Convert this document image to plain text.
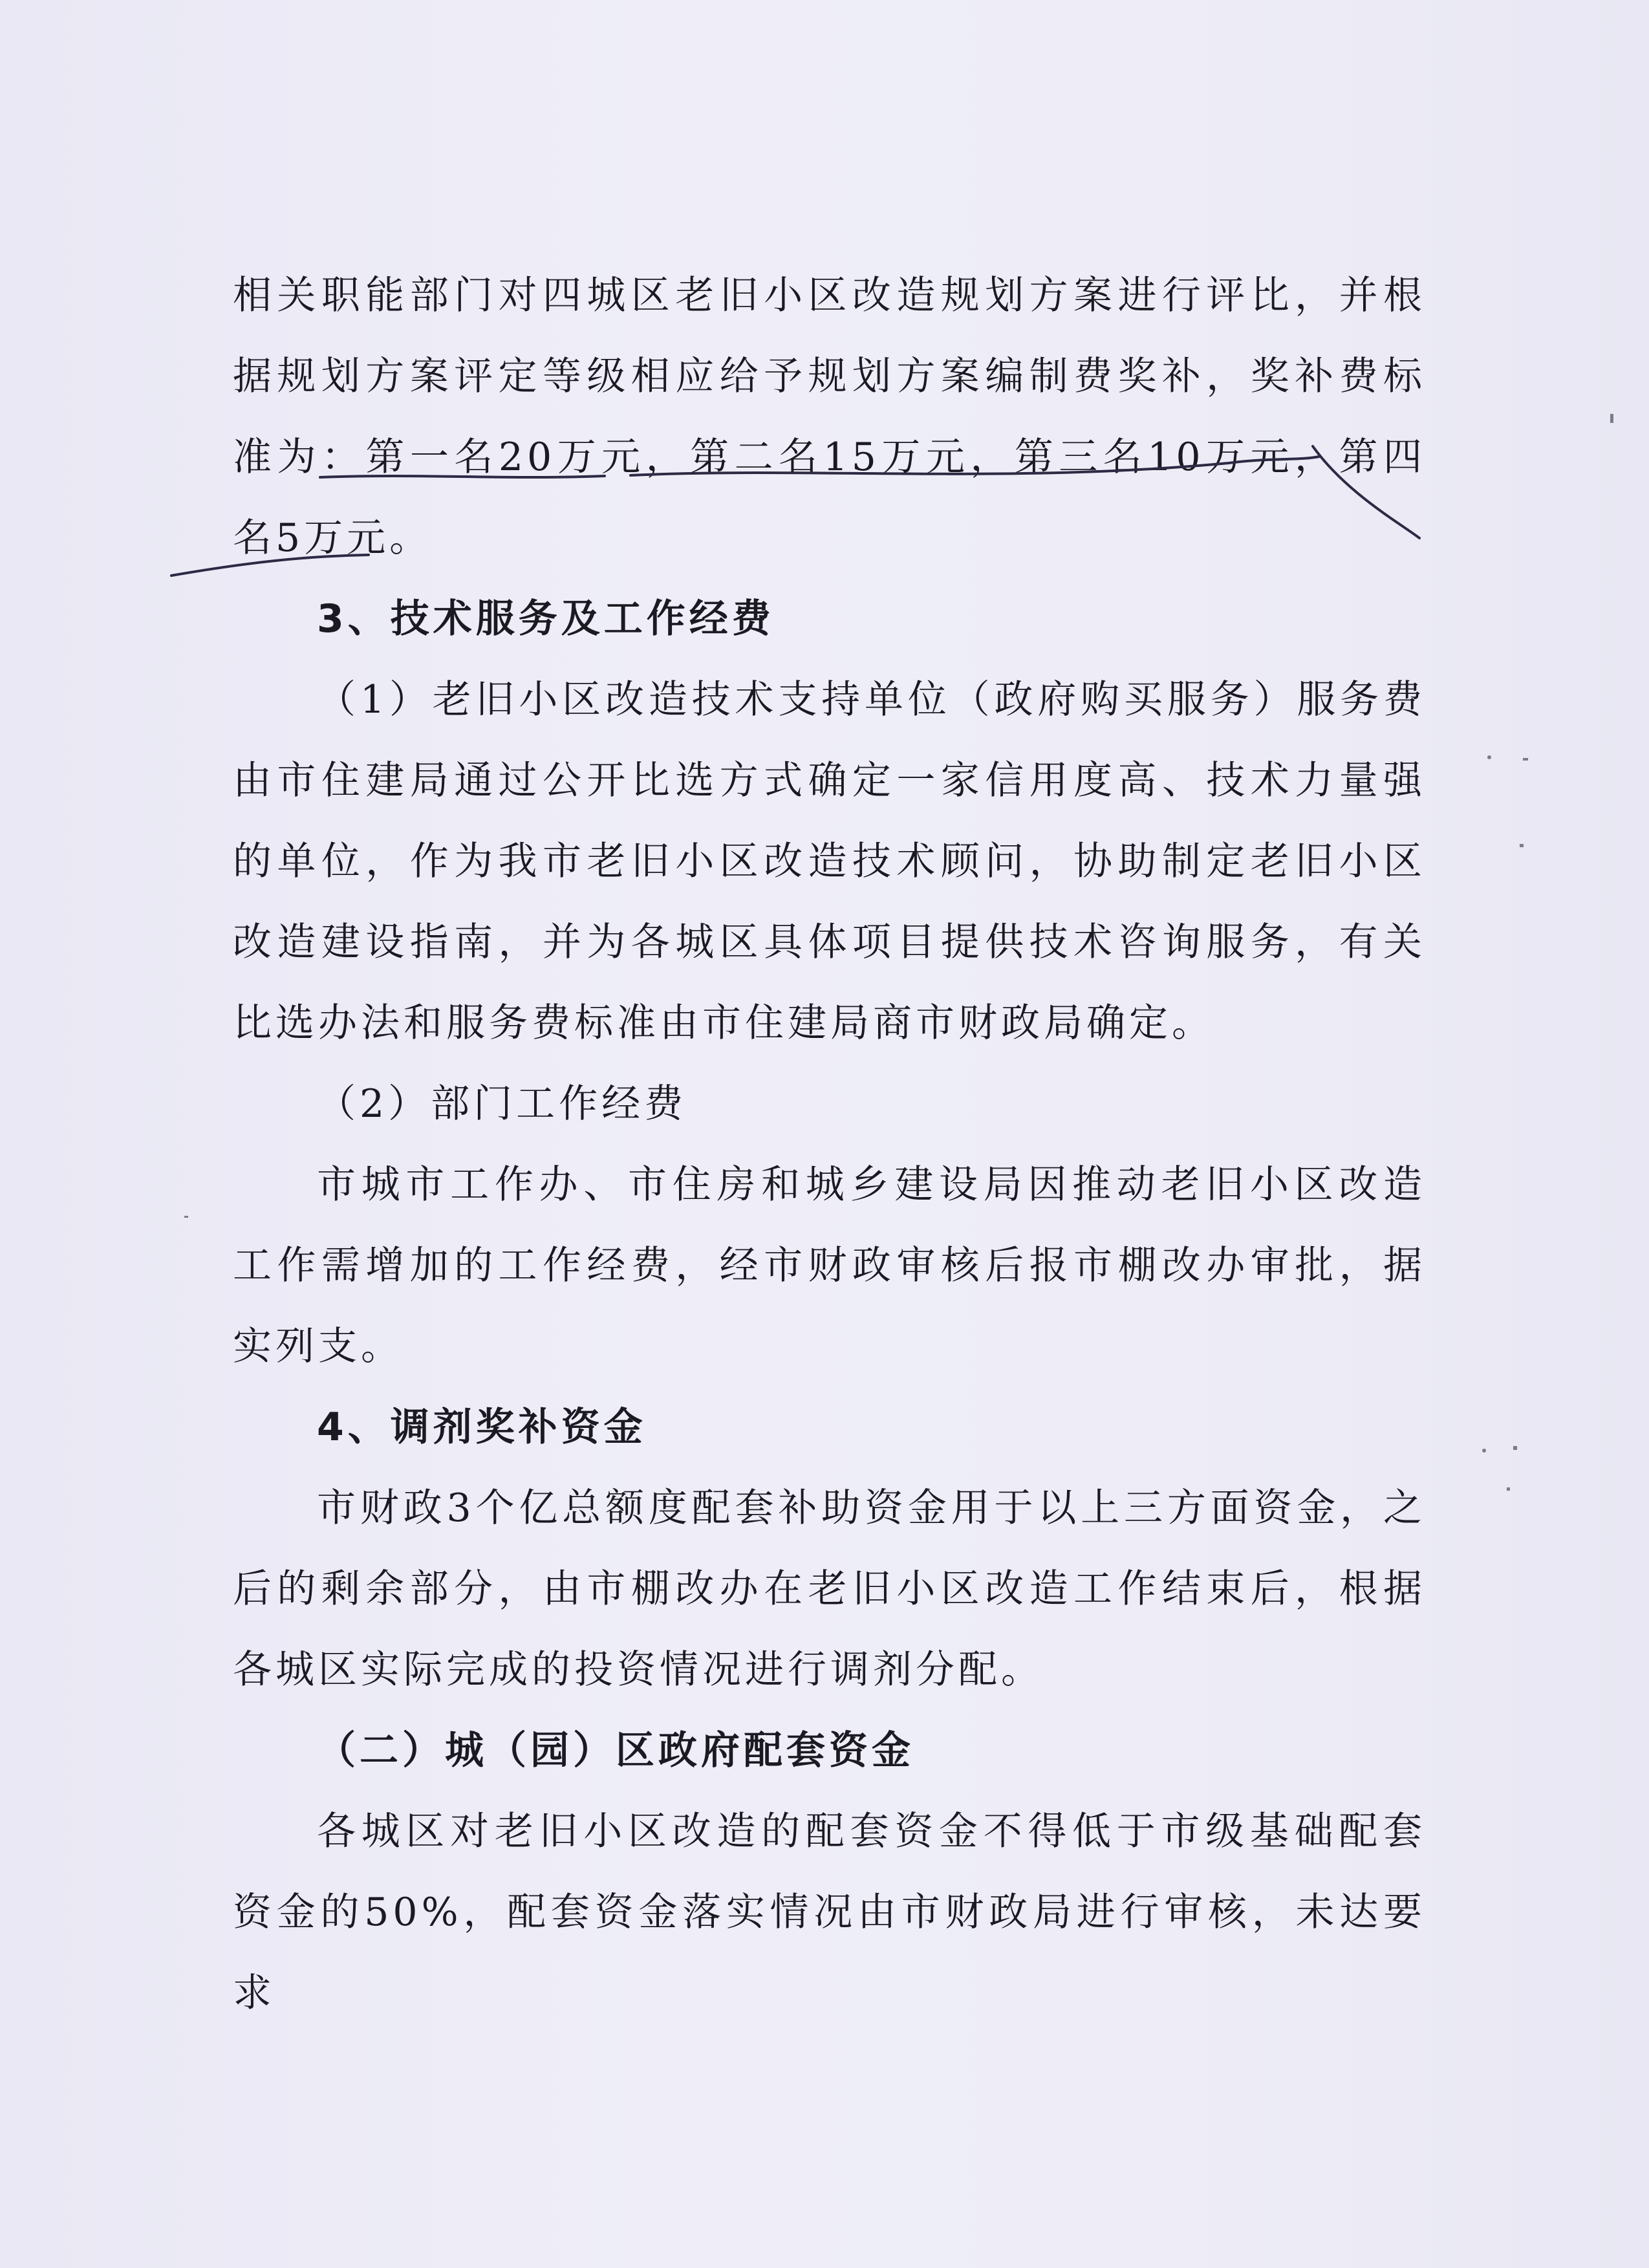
相关职能部门对四城区老旧小区改造规划方案进行评比，并根据规划方案评定等级相应给予规划方案编制费奖补，奖补费标准为：第一名20万元，第二名15万元，第三名10万元，第四名5万元。

3、技术服务及工作经费

（1）老旧小区改造技术支持单位（政府购买服务）服务费由市住建局通过公开比选方式确定一家信用度高、技术力量强的单位，作为我市老旧小区改造技术顾问，协助制定老旧小区改造建设指南，并为各城区具体项目提供技术咨询服务，有关比选办法和服务费标准由市住建局商市财政局确定。

（2）部门工作经费

市城市工作办、市住房和城乡建设局因推动老旧小区改造工作需增加的工作经费，经市财政审核后报市棚改办审批，据实列支。

4、调剂奖补资金

市财政3个亿总额度配套补助资金用于以上三方面资金，之后的剩余部分，由市棚改办在老旧小区改造工作结束后，根据各城区实际完成的投资情况进行调剂分配。

（二）城（园）区政府配套资金

各城区对老旧小区改造的配套资金不得低于市级基础配套资金的50%，配套资金落实情况由市财政局进行审核，未达要求
